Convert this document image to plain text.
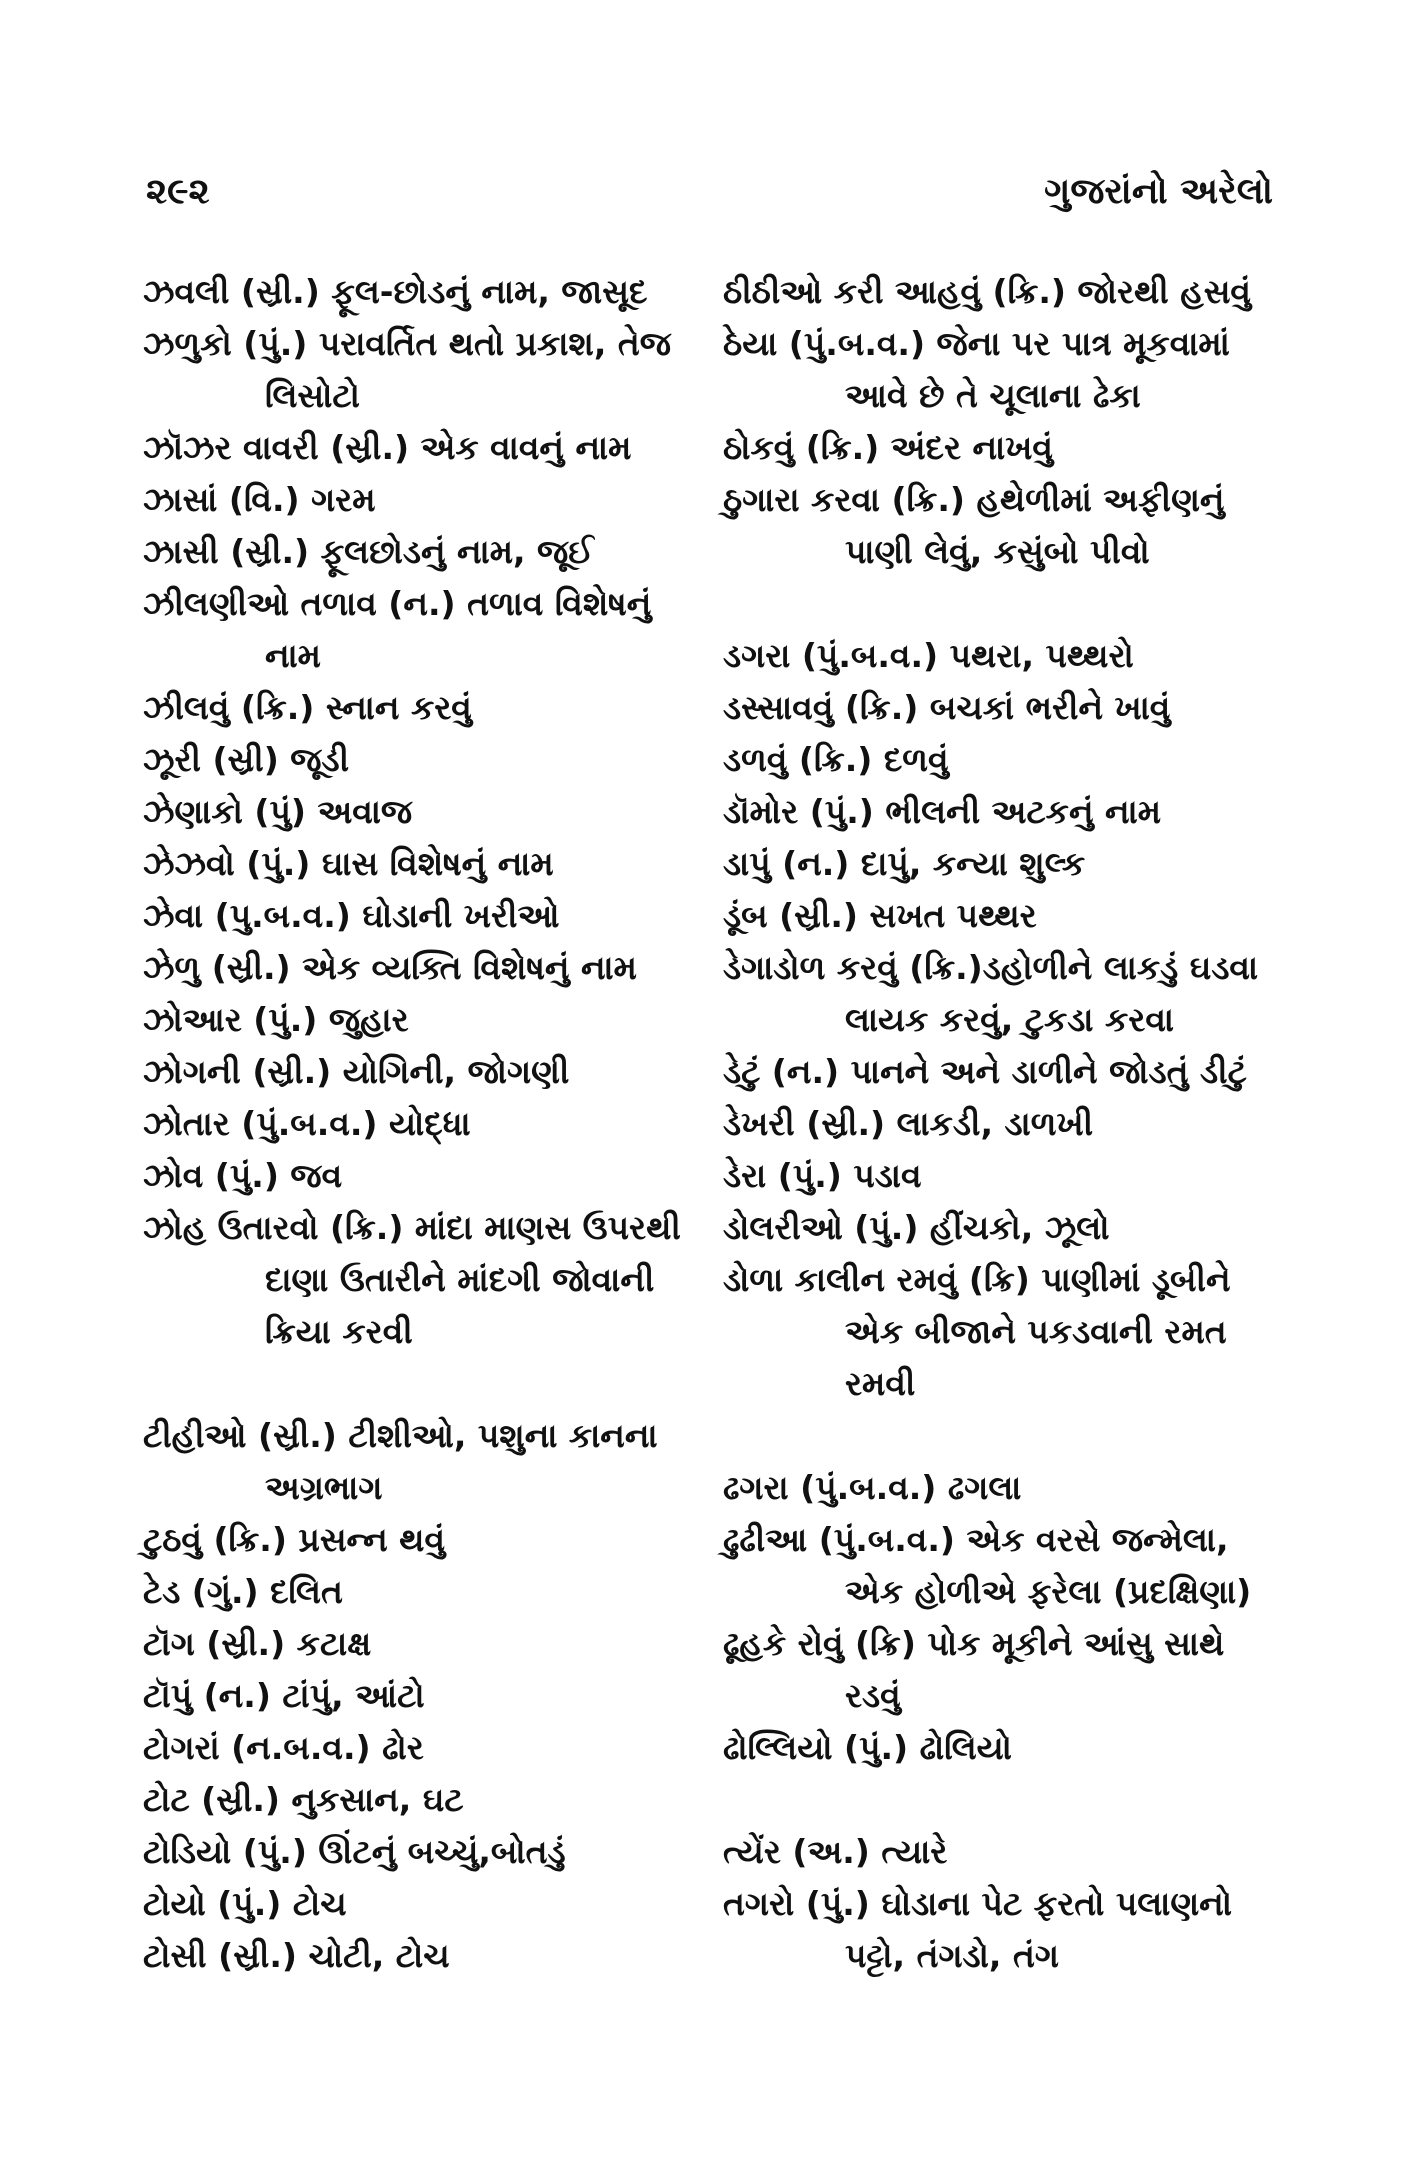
૨૯૨	ગુજરાંનો અરેલો
ઝવલી (સ્રી.) ફૂલ-છોડનું નામ, જાસૂદ
ઝળુકો (પું.) પરાવર્તિત થતો પ્રકાશ, તેજ
લિસોટો
ઝૉઝર વાવરી (સ્રી.) એક વાવનું નામ
ઝાસાં (વિ.) ગરમ
ઝાસી (સ્રી.) ફૂલછોડનું નામ, જૂઈ
ઝીલણીઓ તળાવ (ન.) તળાવ વિશેષનું
નામ
ઝીલવું (ક્રિ.) સ્નાન કરવું
ઝૂરી (સ્રી) જૂડી
ઝેણાકો (પું) અવાજ
ઝેઝવો (પું.) ઘાસ વિશેષનું નામ
ઝેવા (પુ.બ.વ.) ઘોડાની ખરીઓ
ઝેળુ (સ્રી.) એક વ્યક્તિ વિશેષનું નામ
ઝોઆર (પું.) જુહાર
ઝોગની (સ્રી.) યોગિની, જોગણી
ઝોતાર (પું.બ.વ.) યોદ્ધા
ઝોવ (પું.) જવ
ઝોહ ઉતારવો (ક્રિ.) માંદા માણસ ઉપરથી
દાણા ઉતારીને માંદગી જોવાની
ક્રિયા કરવી
ટીહીઓ (સ્રી.) ટીશીઓ, પશુના કાનના
અગ્રભાગ
ટુઠવું (ક્રિ.) પ્રસન્ન થવું
ટેડ (ગું.) દલિત
ટૉગ (સ્રી.) કટાક્ષ
ટૉપું (ન.) ટાંપું, આંટો
ટોગરાં (ન.બ.વ.) ઢોર
ટોટ (સ્રી.) નુકસાન, ઘટ
ટોડિયો (પું.) ઊંટનું બચ્ચું,બોતડું
ટોયો (પું.) ટોચ
ટોસી (સ્રી.) ચોટી, ટોચ
ઠીઠીઓ કરી આહવું (ક્રિ.) જોરથી હસવું
ઠેયા (પું.બ.વ.) જેના પર પાત્ર મૂકવામાં
આવે છે તે ચૂલાના ઢેકા
ઠોકવું (ક્રિ.) અંદર નાખવું
ઠુગારા કરવા (ક્રિ.) હથેળીમાં અફીણનું
પાણી લેવું, કસુંબો પીવો
ડગરા (પું.બ.વ.) પથરા, પથ્થરો
ડસ્સાવવું (ક્રિ.) બચકાં ભરીને ખાવું
ડળવું (ક્રિ.) દળવું
ડૉમોર (પું.) ભીલની અટકનું નામ
ડાપું (ન.) દાપું, કન્યા શુલ્ક
ડૂંબ (સ્રી.) સખત પથ્થર
ડેગાડોળ કરવું (ક્રિ.)ડહોળીને લાકડું ઘડવા
લાયક કરવું, ટુકડા કરવા
ડેટું (ન.) પાનને અને ડાળીને જોડતું ડીટું
ડેખરી (સ્રી.) લાકડી, ડાળખી
ડેરા (પું.) પડાવ
ડોલરીઓ (પું.) હીંચકો, ઝૂલો
ડોળા કાલીન રમવું (ક્રિ) પાણીમાં ડૂબીને
એક બીજાને પકડવાની રમત
રમવી
ઢગરા (પું.બ.વ.) ઢગલા
ઢુઢીઆ (પું.બ.વ.) એક વરસે જન્મેલા,
એક હોળીએ ફરેલા (પ્રદક્ષિણા)
ઢૂહકે રોવું (ક્રિ) પોક મૂકીને આંસુ સાથે
રડવું
ઢોલ્લિયો (પું.) ઢોલિયો
ત્યેંર (અ.) ત્યારે
તગરો (પું.) ઘોડાના પેટ ફરતો પલાણનો
પટ્ટો, તંગડો, તંગ
